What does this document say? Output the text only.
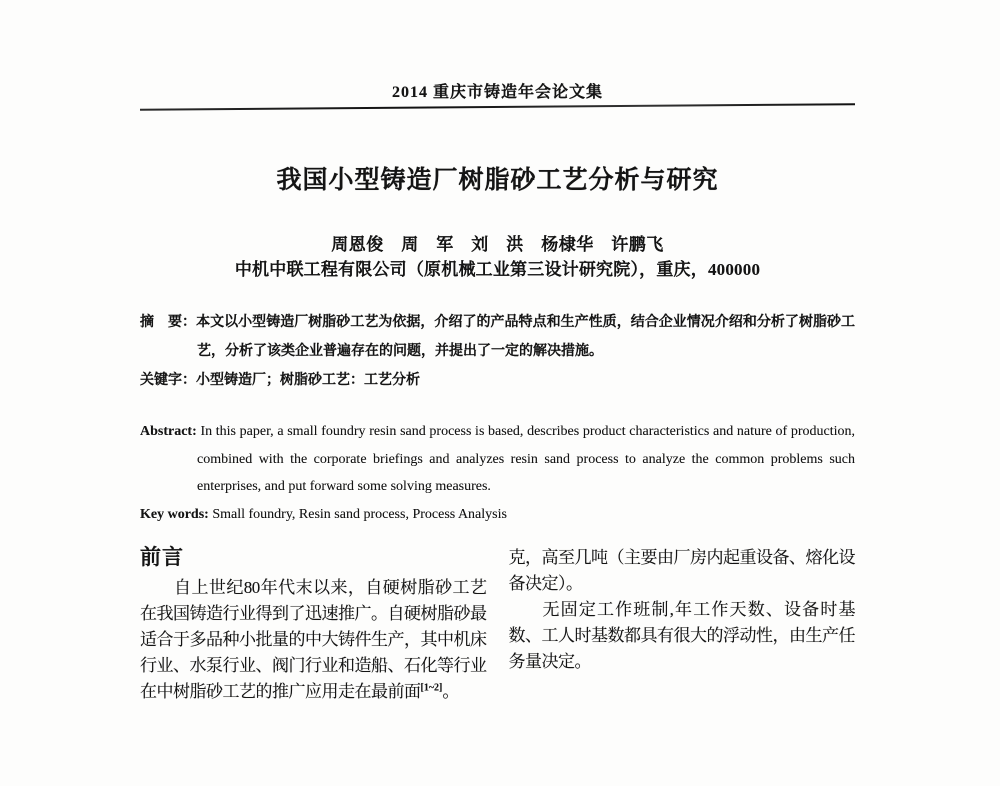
2014 重庆市铸造年会论文集
我国小型铸造厂树脂砂工艺分析与研究
周恩俊　周　军　刘　洪　杨棣华　许鹏飞
中机中联工程有限公司（原机械工业第三设计研究院），重庆，400000

摘　要：本文以小型铸造厂树脂砂工艺为依据，介绍了的产品特点和生产性质，结合企业情况介绍和分析了树脂砂工艺，分析了该类企业普遍存在的问题，并提出了一定的解决措施。

关键字：小型铸造厂；树脂砂工艺：工艺分析

Abstract: In this paper, a small foundry resin sand process is based, describes product characteristics and nature of production, combined with the corporate briefings and analyzes resin sand process to analyze the common problems such enterprises, and put forward some solving measures.

Key words: Small foundry, Resin sand process, Process Analysis

前言

自上世纪80年代末以来，自硬树脂砂工艺在我国铸造行业得到了迅速推广。自硬树脂砂最适合于多品种小批量的中大铸件生产，其中机床行业、水泵行业、阀门行业和造船、石化等行业在中树脂砂工艺的推广应用走在最前面[1~2]。

克，高至几吨（主要由厂房内起重设备、熔化设备决定）。

无固定工作班制,年工作天数、设备时基数、工人时基数都具有很大的浮动性，由生产任务量决定。
